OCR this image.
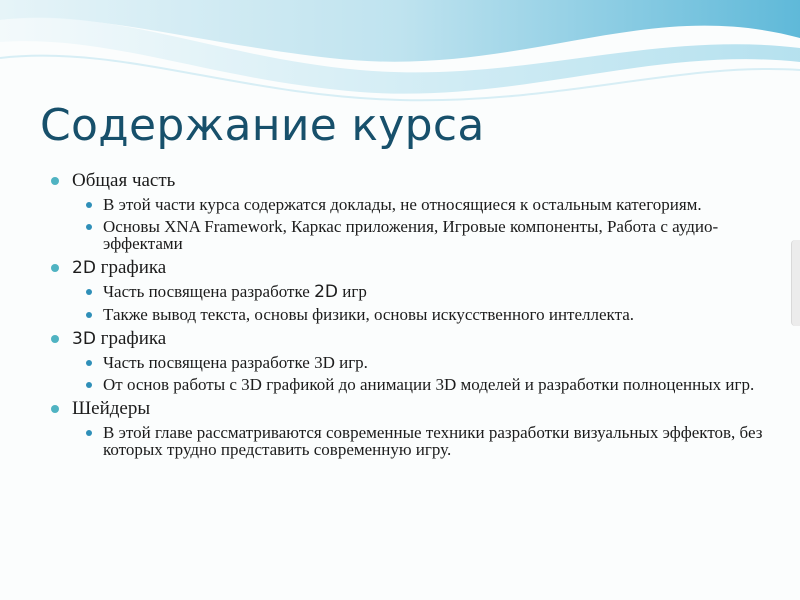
Содержание курса
Общая часть
В этой части курса содержатся доклады, не относящиеся к остальным категориям.
Основы XNA Framework, Каркас приложения, Игровые компоненты, Работа с аудио-эффектами
2D графика
Часть посвящена разработке 2D игр
Также вывод текста, основы физики, основы искусственного интеллекта.
3D графика
Часть посвящена разработке 3D игр.
От основ работы с 3D графикой до анимации 3D моделей и разработки полноценных игр.
Шейдеры
В этой главе рассматриваются современные техники разработки визуальных эффектов, без которых трудно представить современную игру.
